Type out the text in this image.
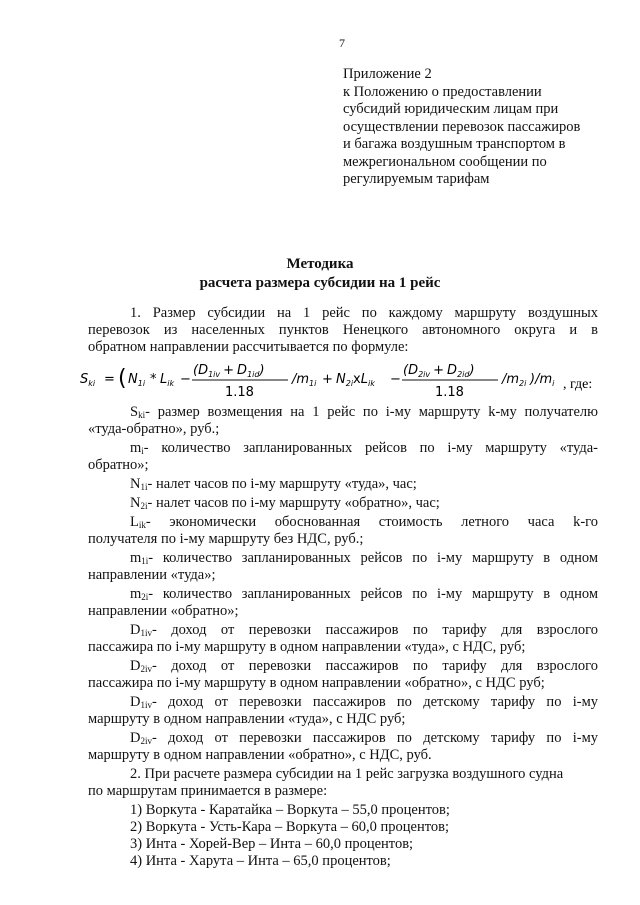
7
Приложение 2
к Положению о предоставлении
субсидий юридическим лицам при
осуществлении перевозок пассажиров
и багажа воздушным транспортом в
межрегиональном сообщении по
регулируемым тарифам
Методика
расчета размера субсидии на 1 рейс
1. Размер субсидии на 1 рейс по каждому маршруту воздушных
перевозок из населенных пунктов Ненецкого автономного округа и в
обратном направлении рассчитывается по формуле:
$S_{ki}$ = ( $N_{1i} * L_{ik}$ −
$(D_{1iv} + D_{1id})$
1.18
$/m_{1i} + N_{2i}xL_{ik}$ −
$(D_{2iv} + D_{2id})$
1.18
$/m_{2i}$ )$/m_i$ , где:
$S_{ki}-$ размер возмещения на 1 рейс по i-му маршруту k-му получателю
«туда-обратно», руб.;
$m_i-$ количество запланированных рейсов по i-му маршруту «туда-
обратно»;
$N_{1i}-$ налет часов по i-му маршруту «туда», час;
$N_{2i}-$ налет часов по i-му маршруту «обратно», час;
$L_{ik}-$ экономически обоснованная стоимость летного часа k-го
получателя по i-му маршруту без НДС, руб.;
$m_{1i}-$ количество запланированных рейсов по i-му маршруту в одном
направлении «туда»;
$m_{2i}-$ количество запланированных рейсов по i-му маршруту в одном
направлении «обратно»;
$D_{1iv}-$ доход от перевозки пассажиров по тарифу для взрослого
пассажира по i-му маршруту в одном направлении «туда», с НДС, руб;
$D_{2iv}-$ доход от перевозки пассажиров по тарифу для взрослого
пассажира по i-му маршруту в одном направлении «обратно», с НДС руб;
$D_{1iv}-$ доход от перевозки пассажиров по детскому тарифу по i-му
маршруту в одном направлении «туда», с НДС руб;
$D_{2iv}-$ доход от перевозки пассажиров по детскому тарифу по i-му
маршруту в одном направлении «обратно», с НДС, руб.
2. При расчете размера субсидии на 1 рейс загрузка воздушного судна
по маршрутам принимается в размере:
1) Воркута - Каратайка – Воркута – 55,0 процентов;
2) Воркута - Усть-Кара – Воркута – 60,0 процентов;
3) Инта - Хорей-Вер – Инта – 60,0 процентов;
4) Инта - Харута – Инта – 65,0 процентов;
